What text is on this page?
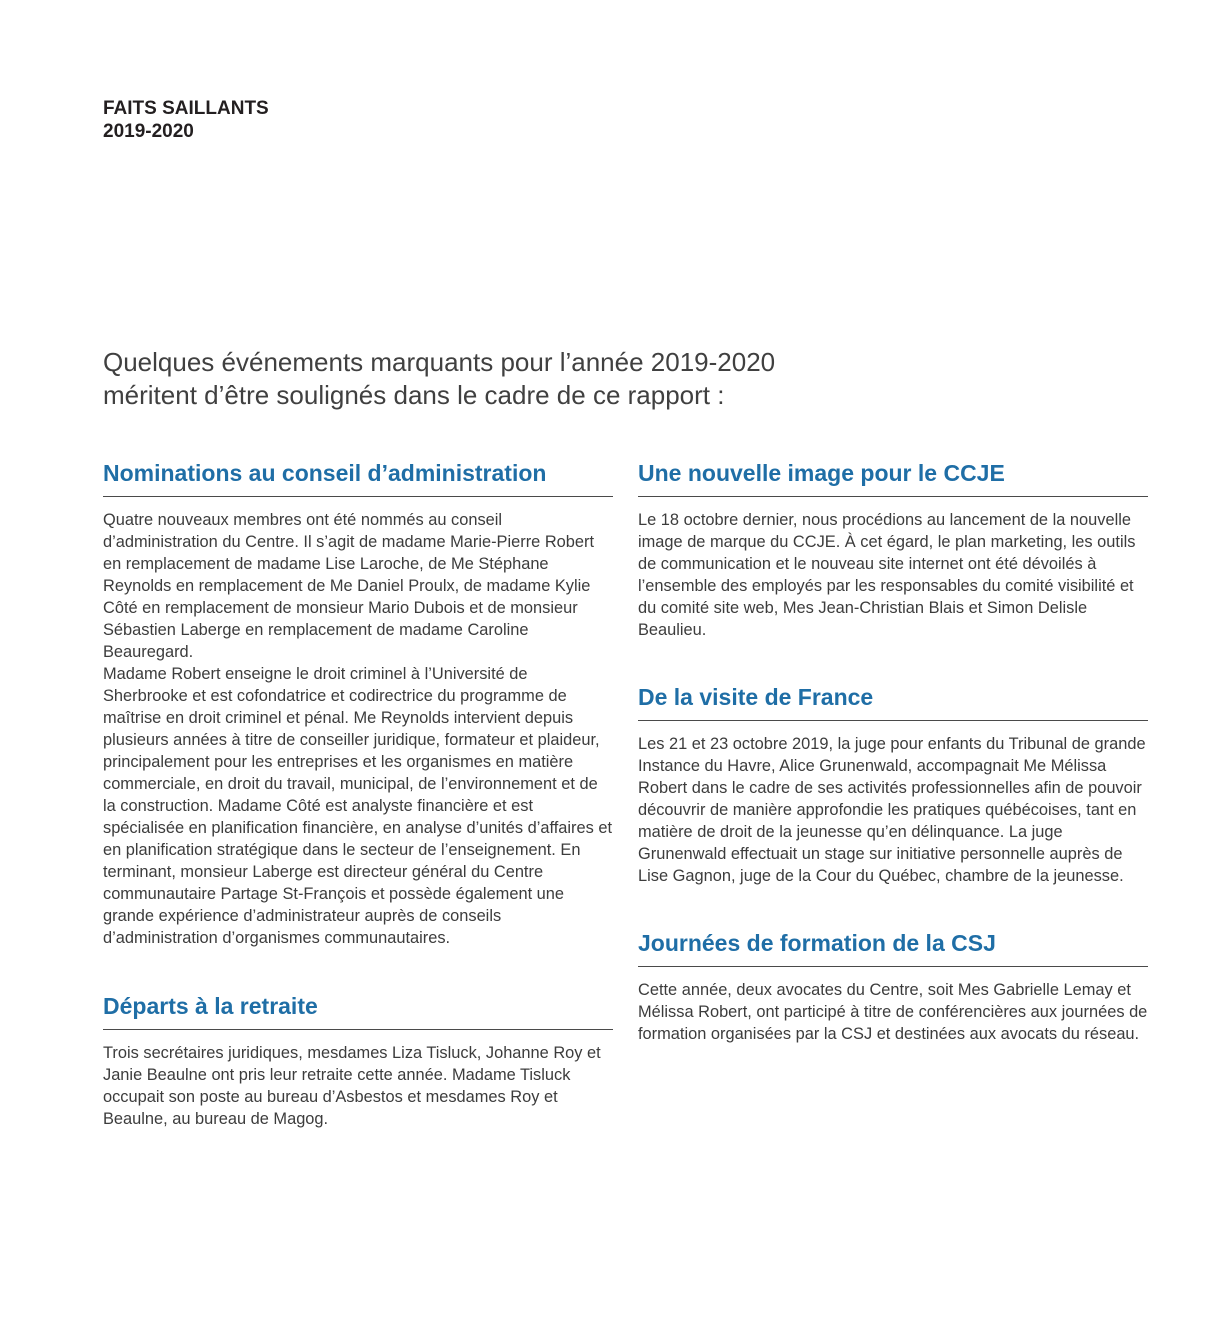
FAITS SAILLANTS
2019-2020

Quelques événements marquants pour l’année 2019-2020

méritent d’être soulignés dans le cadre de ce rapport :

Nominations au conseil d’administration

Quatre nouveaux membres ont été nommés au conseil d’administration du Centre. Il s’agit de madame Marie-Pierre Robert en remplacement de madame Lise Laroche, de Me Stéphane Reynolds en remplacement de Me Daniel Proulx, de madame Kylie Côté en remplacement de monsieur Mario Dubois et de monsieur Sébastien Laberge en remplacement de madame Caroline Beauregard.

Madame Robert enseigne le droit criminel à l’Université de Sherbrooke et est cofondatrice et codirectrice du programme de maîtrise en droit criminel et pénal. Me Reynolds intervient depuis plusieurs années à titre de conseiller juridique, formateur et plaideur, principalement pour les entreprises et les organismes en matière commerciale, en droit du travail, municipal, de l’environnement et de la construction. Madame Côté est analyste financière et est spécialisée en planification financière, en analyse d’unités d’affaires et en planification stratégique dans le secteur de l’enseignement. En terminant, monsieur Laberge est directeur général du Centre communautaire Partage St-François et possède également une grande expérience d’administrateur auprès de conseils d’administration d’organismes communautaires.

Départs à la retraite

Trois secrétaires juridiques, mesdames Liza Tisluck, Johanne Roy et Janie Beaulne ont pris leur retraite cette année. Madame Tisluck occupait son poste au bureau d’Asbestos et mesdames Roy et Beaulne, au bureau de Magog.

Une nouvelle image pour le CCJE

Le 18 octobre dernier, nous procédions au lancement de la nouvelle image de marque du CCJE. À cet égard, le plan marketing, les outils de communication et le nouveau site internet ont été dévoilés à l’ensemble des employés par les responsables du comité visibilité et du comité site web, Mes Jean-Christian Blais et Simon Delisle Beaulieu.

De la visite de France

Les 21 et 23 octobre 2019, la juge pour enfants du Tribunal de grande Instance du Havre, Alice Grunenwald, accompagnait Me Mélissa Robert dans le cadre de ses activités professionnelles afin de pouvoir découvrir de manière approfondie les pratiques québécoises, tant en matière de droit de la jeunesse qu’en délinquance. La juge Grunenwald effectuait un stage sur initiative personnelle auprès de Lise Gagnon, juge de la Cour du Québec, chambre de la jeunesse.

Journées de formation de la CSJ

Cette année, deux avocates du Centre, soit Mes Gabrielle Lemay et Mélissa Robert, ont participé à titre de conférencières aux journées de formation organisées par la CSJ et destinées aux avocats du réseau.
